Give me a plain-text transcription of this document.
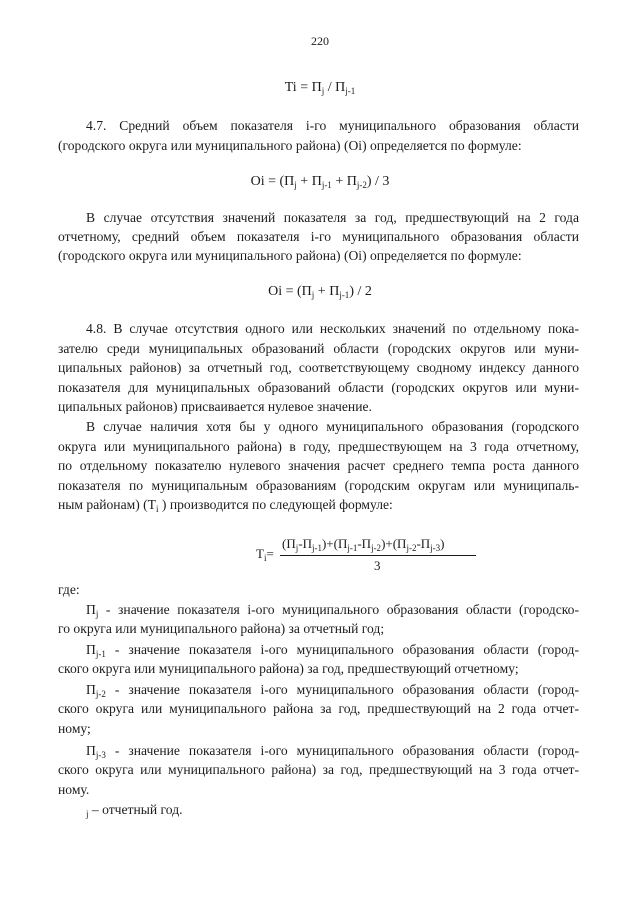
220
$Ti = П_j / П_{j-1}$
4.7. Средний объем показателя i-го муниципального образования области
(городского округа или муниципального района) (Оi) определяется по формуле:
Оi = $(П_j + П_{j-1} + П_{j-2}) / 3$
В случае отсутствия значений показателя за год, предшествующий на 2 года
отчетному, средний объем показателя i-го муниципального образования области
(городского округа или муниципального района) (Оi) определяется по формуле:
Оi = $(П_j + П_{j-1}) / 2$
4.8. В случае отсутствия одного или нескольких значений по отдельному пока-
зателю среди муниципальных образований области (городских округов или муни-
ципальных районов) за отчетный год, соответствующему сводному индексу данного
показателя для муниципальных образований области (городских округов или муни-
ципальных районов) присваивается нулевое значение.
В случае наличия хотя бы у одного муниципального образования (городского
округа или муниципального района) в году, предшествующем на 3 года отчетному,
по отдельному показателю нулевого значения расчет среднего темпа роста данного
показателя по муниципальным образованиям (городским округам или муниципаль-
ным районам) ($T_i$ ) производится по следующей формуле:
$T_i=$
$(П_j-П_{j-1})+(П_{j-1}-П_{j-2})+(П_{j-2}-П_{j-3})$
3
где:
$П_j$ - значение показателя i-ого муниципального образования области (городско-
го округа или муниципального района) за отчетный год;
$П_{j-1}$ - значение показателя i-ого муниципального образования области (город-
ского округа или муниципального района) за год, предшествующий отчетному;
$П_{j-2}$ - значение показателя i-ого муниципального образования области (город-
ского округа или муниципального района за год, предшествующий на 2 года отчет-
ному;
$П_{j-3}$ - значение показателя i-ого муниципального образования области (город-
ского округа или муниципального района) за год, предшествующий на 3 года отчет-
ному.
$_j$ – отчетный год.
